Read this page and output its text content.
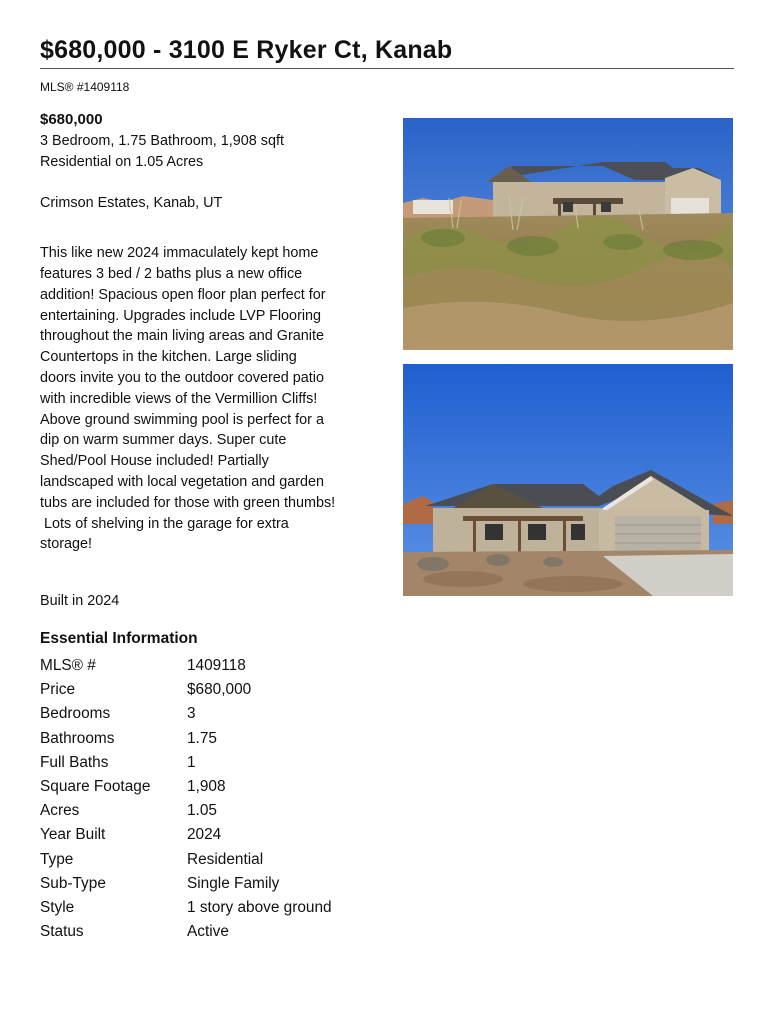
$680,000 - 3100 E Ryker Ct, Kanab
MLS® #1409118
$680,000
3 Bedroom, 1.75 Bathroom, 1,908 sqft
Residential on 1.05 Acres
Crimson Estates, Kanab, UT
This like new 2024 immaculately kept home
features 3 bed / 2 baths plus a new office
addition! Spacious open floor plan perfect for
entertaining. Upgrades include LVP Flooring
throughout the main living areas and Granite
Countertops in the kitchen. Large sliding
doors invite you to the outdoor covered patio
with incredible views of the Vermillion Cliffs!
Above ground swimming pool is perfect for a
dip on warm summer days. Super cute
Shed/Pool House included! Partially
landscaped with local vegetation and garden
tubs are included for those with green thumbs!
Lots of shelving in the garage for extra
storage!
Built in 2024
Essential Information
MLS® #	1409118
Price	$680,000
Bedrooms	3
Bathrooms	1.75
Full Baths	1
Square Footage	1,908
Acres	1.05
Year Built	2024
Type	Residential
Sub-Type	Single Family
Style	1 story above ground
Status	Active
